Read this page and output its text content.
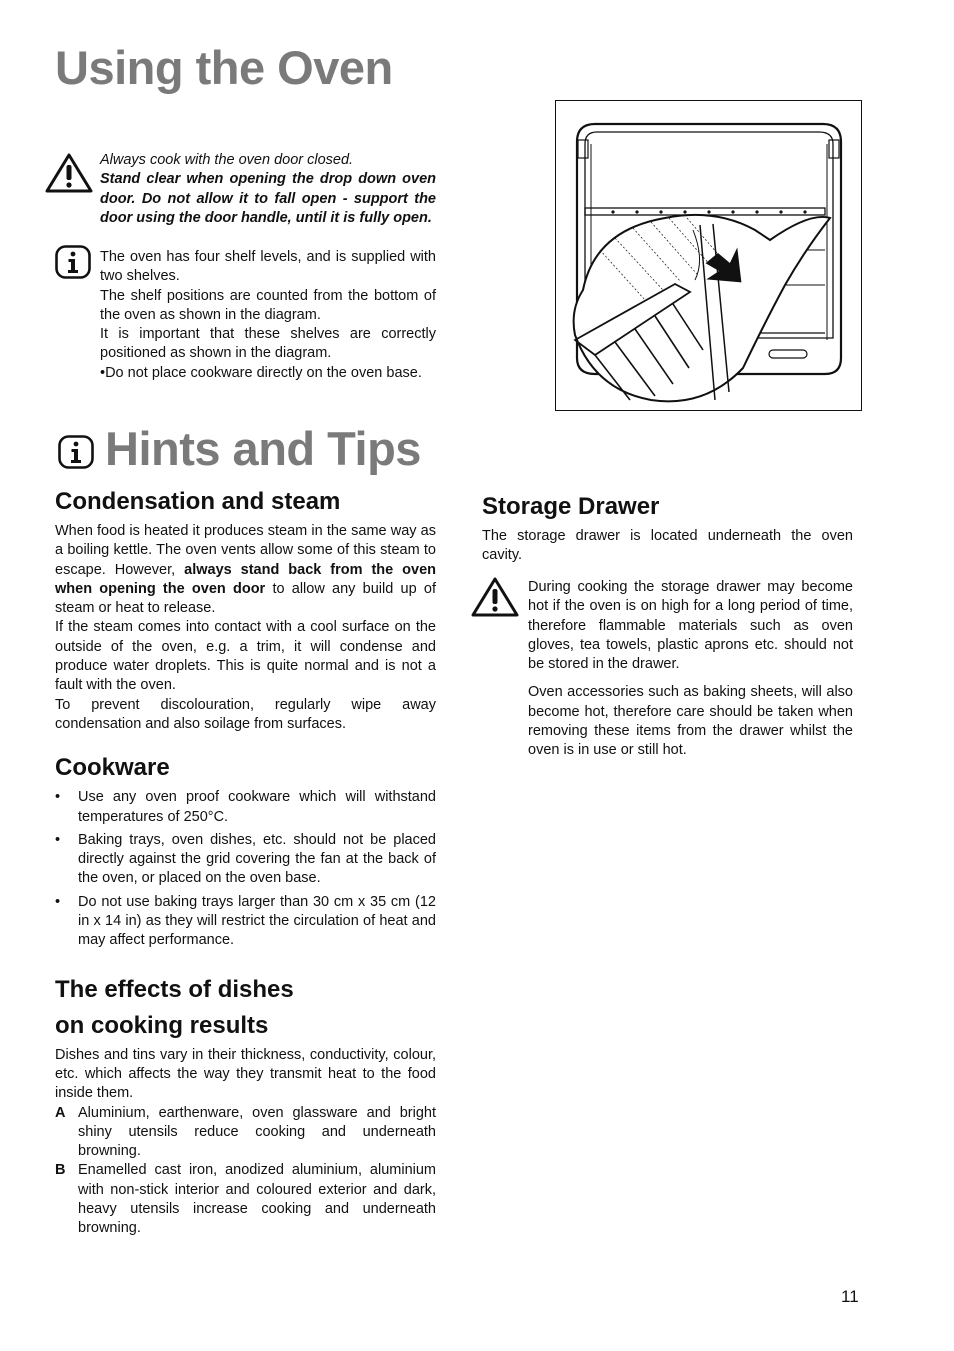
Using the Oven

Always cook with the oven door closed.

Stand clear when opening the drop down oven door. Do not allow it to fall open - support the door using the door handle, until it is fully open.

The oven has four shelf levels, and is supplied with two shelves.

The shelf positions are counted from the bottom of the oven as shown in the diagram.

It is important that these shelves are correctly positioned as shown in the diagram.

•Do not place cookware directly on the oven base.

Hints and Tips
Condensation and steam

When food is heated it produces steam in the same way as a boiling kettle. The oven vents allow some of this steam to escape. However, always stand back from the oven when opening the oven door to allow any build up of steam or heat to release.

If the steam comes into contact with a cool surface on the outside of the oven, e.g. a trim, it will condense and produce water droplets. This is quite normal and is not a fault with the oven.

To prevent discolouration, regularly wipe away condensation and also soilage from surfaces.

Cookware

• Use any oven proof cookware which will withstand temperatures of 250°C.

• Baking trays, oven dishes, etc. should not be placed directly against the grid covering the fan at the back of the oven, or placed on the oven base.

• Do not use baking trays larger than 30 cm x 35 cm (12 in x 14 in) as they will restrict the circulation of heat and may affect performance.

The effects of dishes
on cooking results

Dishes and tins vary in their thickness, conductivity, colour, etc. which affects the way they transmit heat to the food inside them.

A Aluminium, earthenware, oven glassware and bright shiny utensils reduce cooking and underneath browning.

B Enamelled cast iron, anodized aluminium, aluminium with non-stick interior and coloured exterior and dark, heavy utensils increase cooking and underneath browning.

Storage Drawer

The storage drawer is located underneath the oven cavity.

During cooking the storage drawer may become hot if the oven is on high for a long period of time, therefore flammable materials such as oven gloves, tea towels, plastic aprons etc. should not be stored in the drawer.

Oven accessories such as baking sheets, will also become hot, therefore care should be taken when removing these items from the drawer whilst the oven is in use or still hot.

11
